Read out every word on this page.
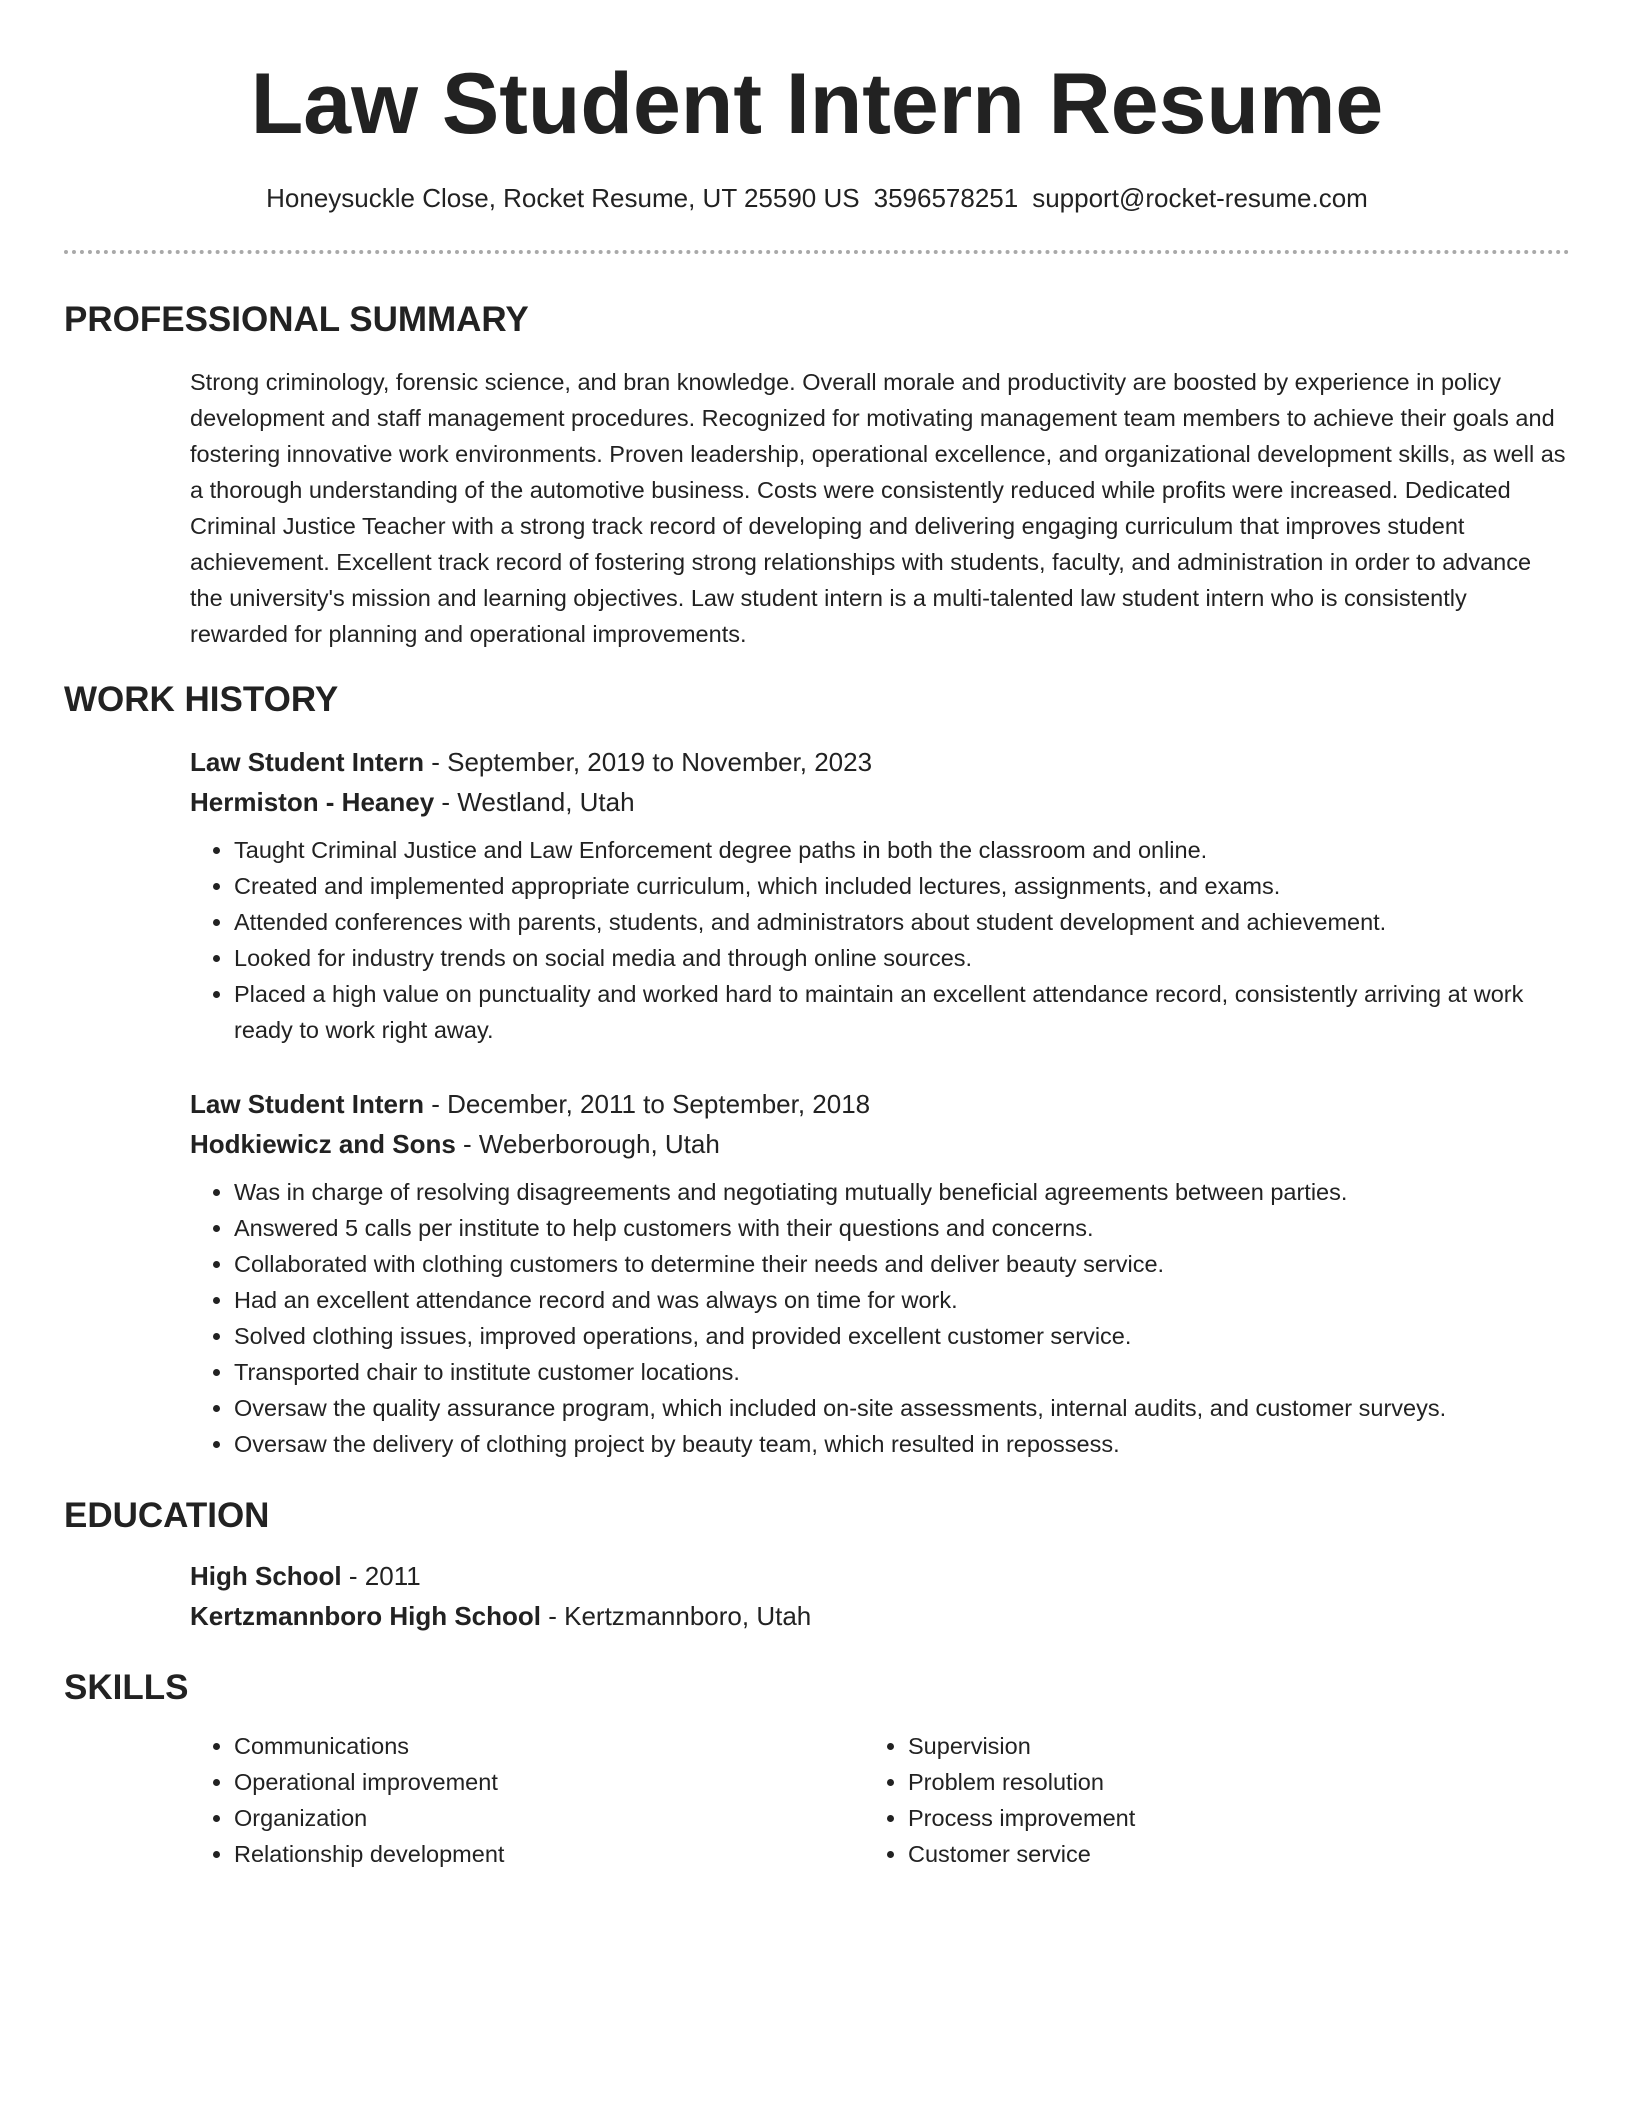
Law Student Intern Resume
Honeysuckle Close, Rocket Resume, UT 25590 US 3596578251 support@rocket-resume.com
PROFESSIONAL SUMMARY

Strong criminology, forensic science, and bran knowledge. Overall morale and productivity are boosted by experience in policy development and staff management procedures. Recognized for motivating management team members to achieve their goals and fostering innovative work environments. Proven leadership, operational excellence, and organizational development skills, as well as a thorough understanding of the automotive business. Costs were consistently reduced while profits were increased. Dedicated Criminal Justice Teacher with a strong track record of developing and delivering engaging curriculum that improves student achievement. Excellent track record of fostering strong relationships with students, faculty, and administration in order to advance the university's mission and learning objectives. Law student intern is a multi-talented law student intern who is consistently rewarded for planning and operational improvements.

WORK HISTORY

Law Student Intern - September, 2019 to November, 2023

Hermiston - Heaney - Westland, Utah

• Taught Criminal Justice and Law Enforcement degree paths in both the classroom and online.
• Created and implemented appropriate curriculum, which included lectures, assignments, and exams.
• Attended conferences with parents, students, and administrators about student development and achievement.
• Looked for industry trends on social media and through online sources.
• Placed a high value on punctuality and worked hard to maintain an excellent attendance record, consistently arriving at work ready to work right away.

Law Student Intern - December, 2011 to September, 2018

Hodkiewicz and Sons - Weberborough, Utah

• Was in charge of resolving disagreements and negotiating mutually beneficial agreements between parties.
• Answered 5 calls per institute to help customers with their questions and concerns.
• Collaborated with clothing customers to determine their needs and deliver beauty service.
• Had an excellent attendance record and was always on time for work.
• Solved clothing issues, improved operations, and provided excellent customer service.
• Transported chair to institute customer locations.
• Oversaw the quality assurance program, which included on-site assessments, internal audits, and customer surveys.
• Oversaw the delivery of clothing project by beauty team, which resulted in repossess.
EDUCATION

High School - 2011

Kertzmannboro High School - Kertzmannboro, Utah

SKILLS
• Communications
• Operational improvement
• Organization
• Relationship development
• Supervision
• Problem resolution
• Process improvement
• Customer service
